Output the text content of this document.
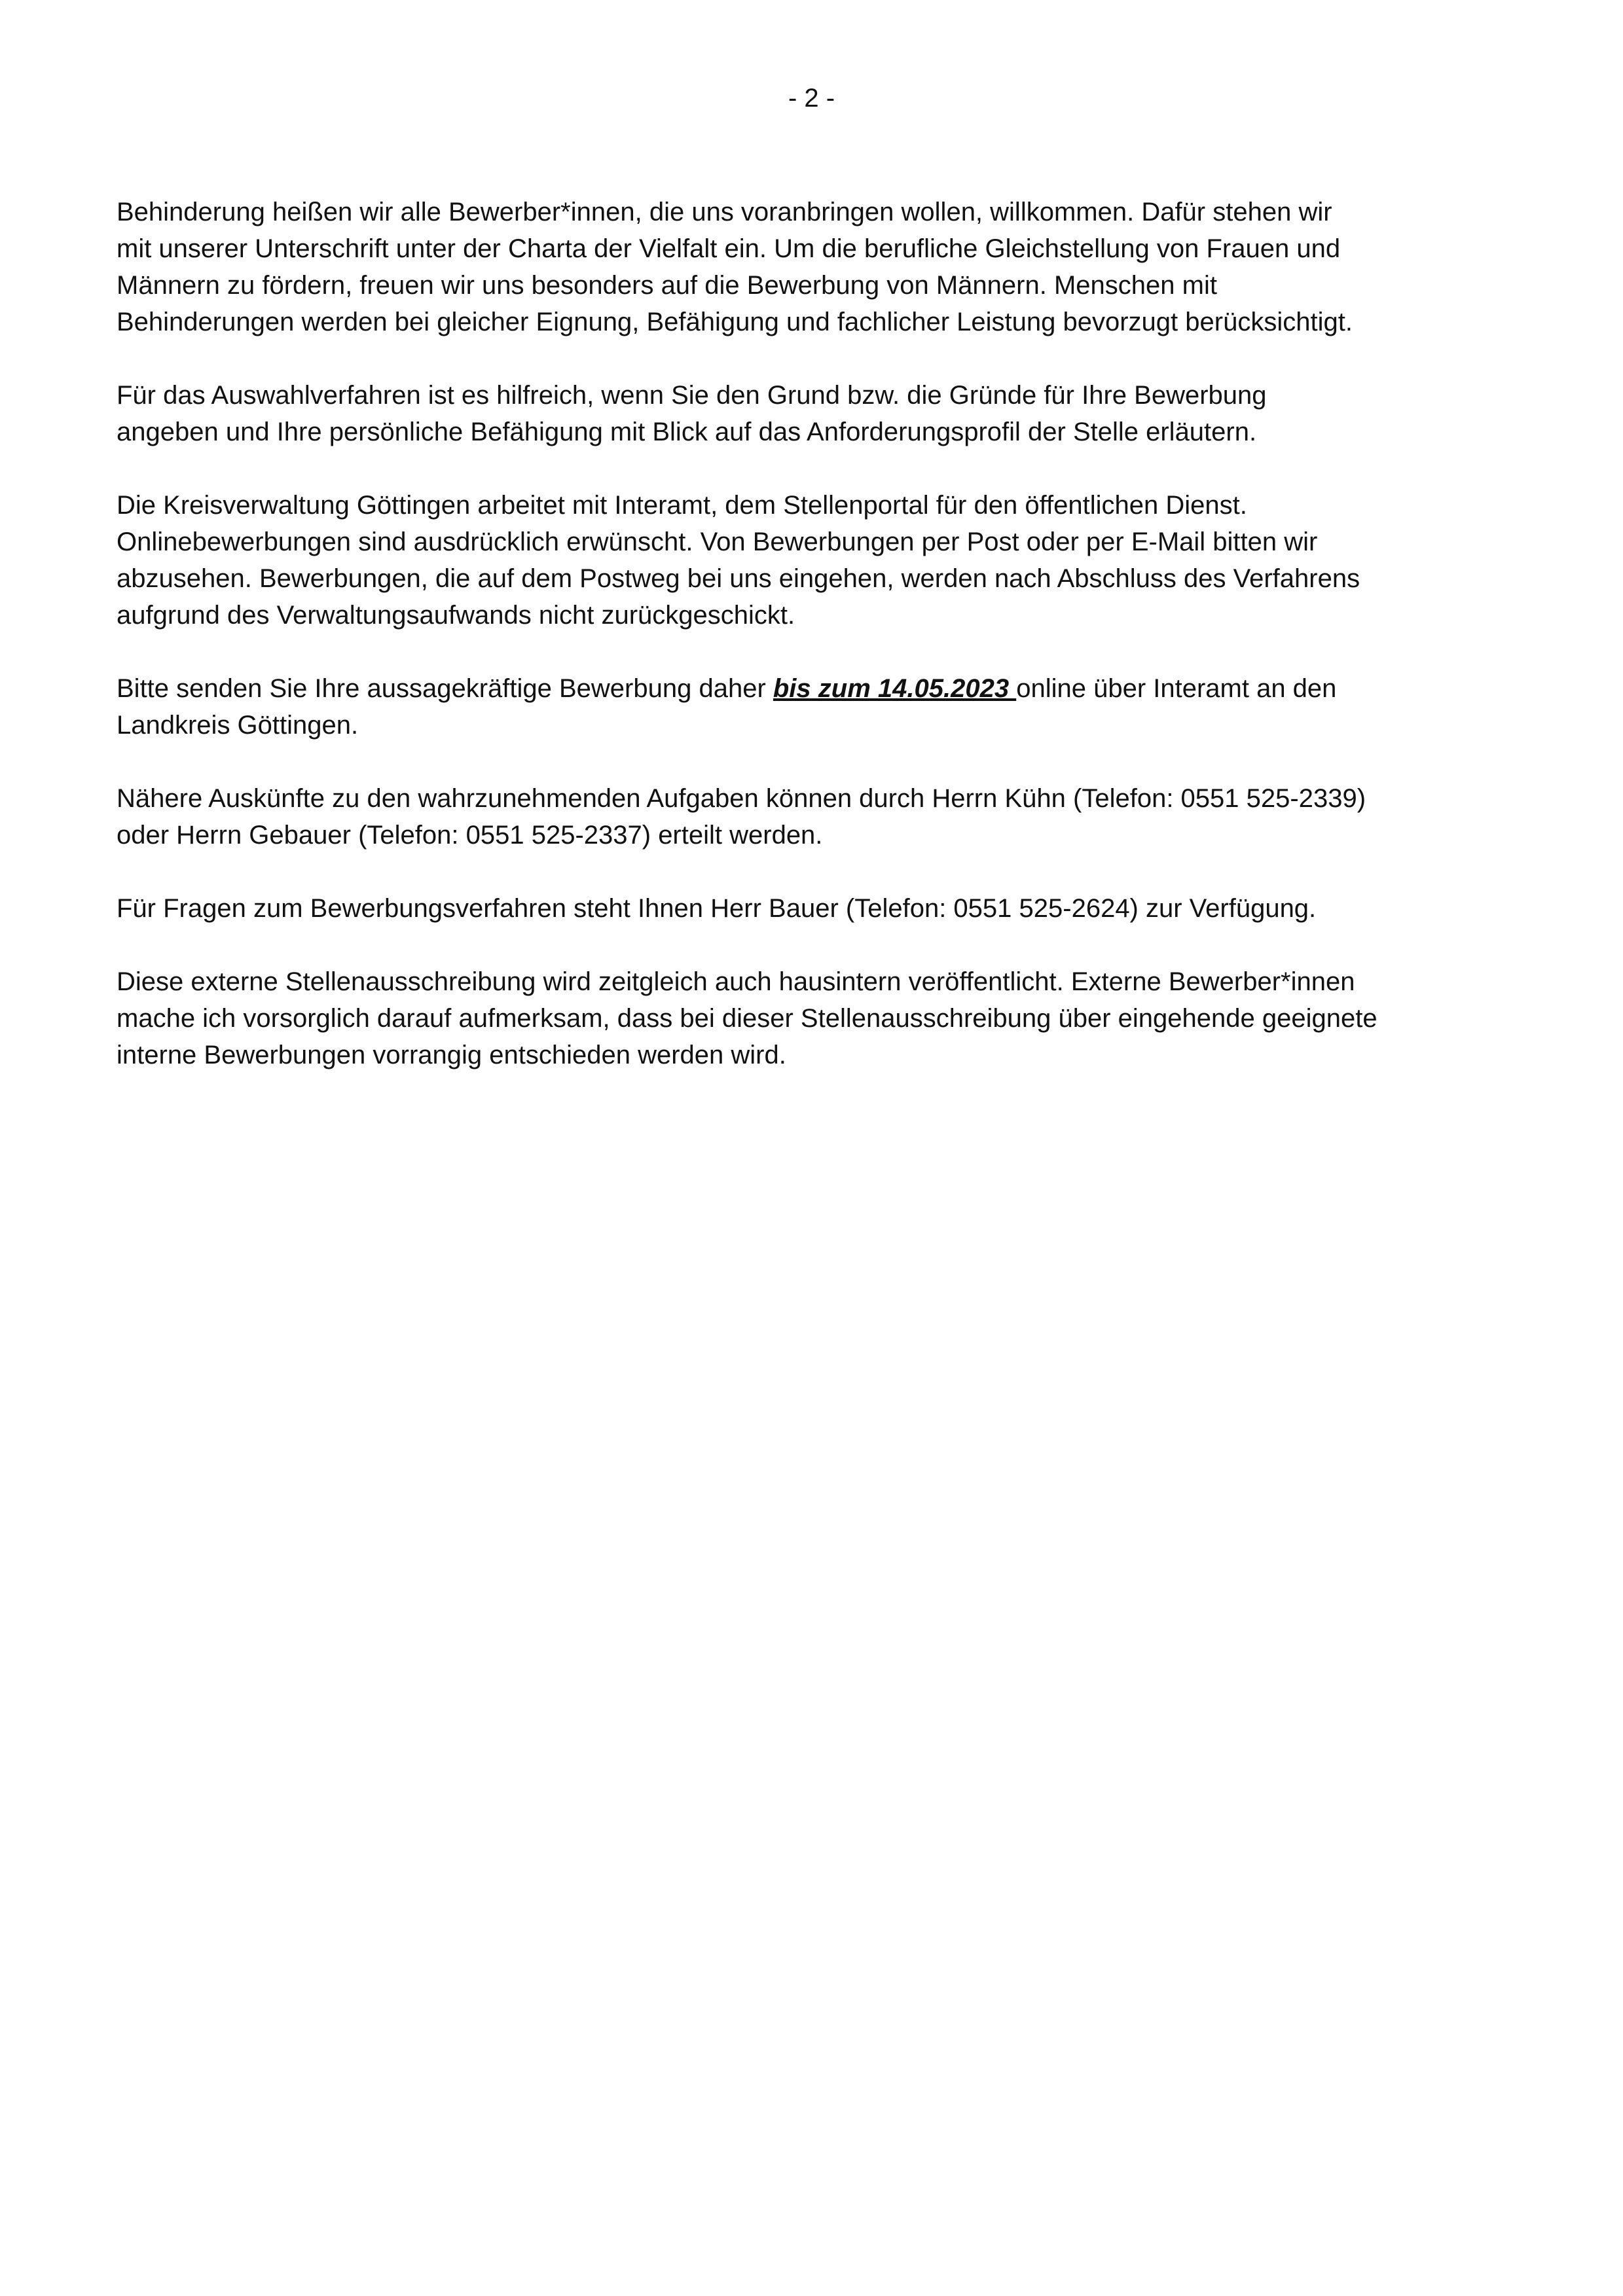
- 2 -

Behinderung heißen wir alle Bewerber*innen, die uns voranbringen wollen, willkommen. Dafür stehen wir
mit unserer Unterschrift unter der Charta der Vielfalt ein. Um die berufliche Gleichstellung von Frauen und
Männern zu fördern, freuen wir uns besonders auf die Bewerbung von Männern. Menschen mit
Behinderungen werden bei gleicher Eignung, Befähigung und fachlicher Leistung bevorzugt berücksichtigt.

Für das Auswahlverfahren ist es hilfreich, wenn Sie den Grund bzw. die Gründe für Ihre Bewerbung
angeben und Ihre persönliche Befähigung mit Blick auf das Anforderungsprofil der Stelle erläutern.

Die Kreisverwaltung Göttingen arbeitet mit Interamt, dem Stellenportal für den öffentlichen Dienst.
Onlinebewerbungen sind ausdrücklich erwünscht. Von Bewerbungen per Post oder per E-Mail bitten wir
abzusehen. Bewerbungen, die auf dem Postweg bei uns eingehen, werden nach Abschluss des Verfahrens
aufgrund des Verwaltungsaufwands nicht zurückgeschickt.

Bitte senden Sie Ihre aussagekräftige Bewerbung daher bis zum 14.05.2023 online über Interamt an den
Landkreis Göttingen.

Nähere Auskünfte zu den wahrzunehmenden Aufgaben können durch Herrn Kühn (Telefon: 0551 525-2339)
oder Herrn Gebauer (Telefon: 0551 525-2337) erteilt werden.

Für Fragen zum Bewerbungsverfahren steht Ihnen Herr Bauer (Telefon: 0551 525-2624) zur Verfügung.

Diese externe Stellenausschreibung wird zeitgleich auch hausintern veröffentlicht. Externe Bewerber*innen
mache ich vorsorglich darauf aufmerksam, dass bei dieser Stellenausschreibung über eingehende geeignete
interne Bewerbungen vorrangig entschieden werden wird.
